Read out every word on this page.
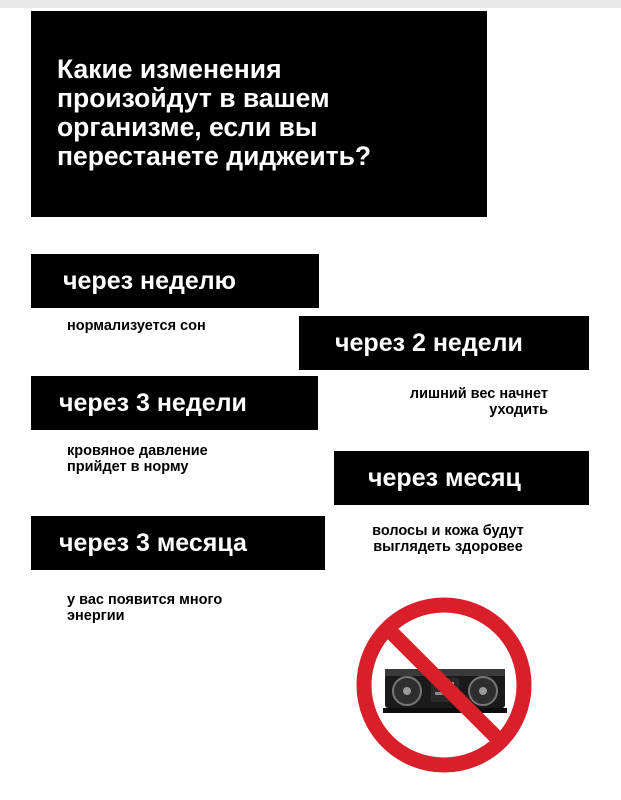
Какие изменения
произойдут в вашем
организме, если вы
перестанете диджеить?
через неделю
нормализуется сон
через 2 недели
лишний вес начнет
уходить
через 3 недели
кровяное давление
прийдет в норму	через месяц
волосы и кожа будут
выглядеть здоровее
через 3 месяца
у вас появится много
энергии
